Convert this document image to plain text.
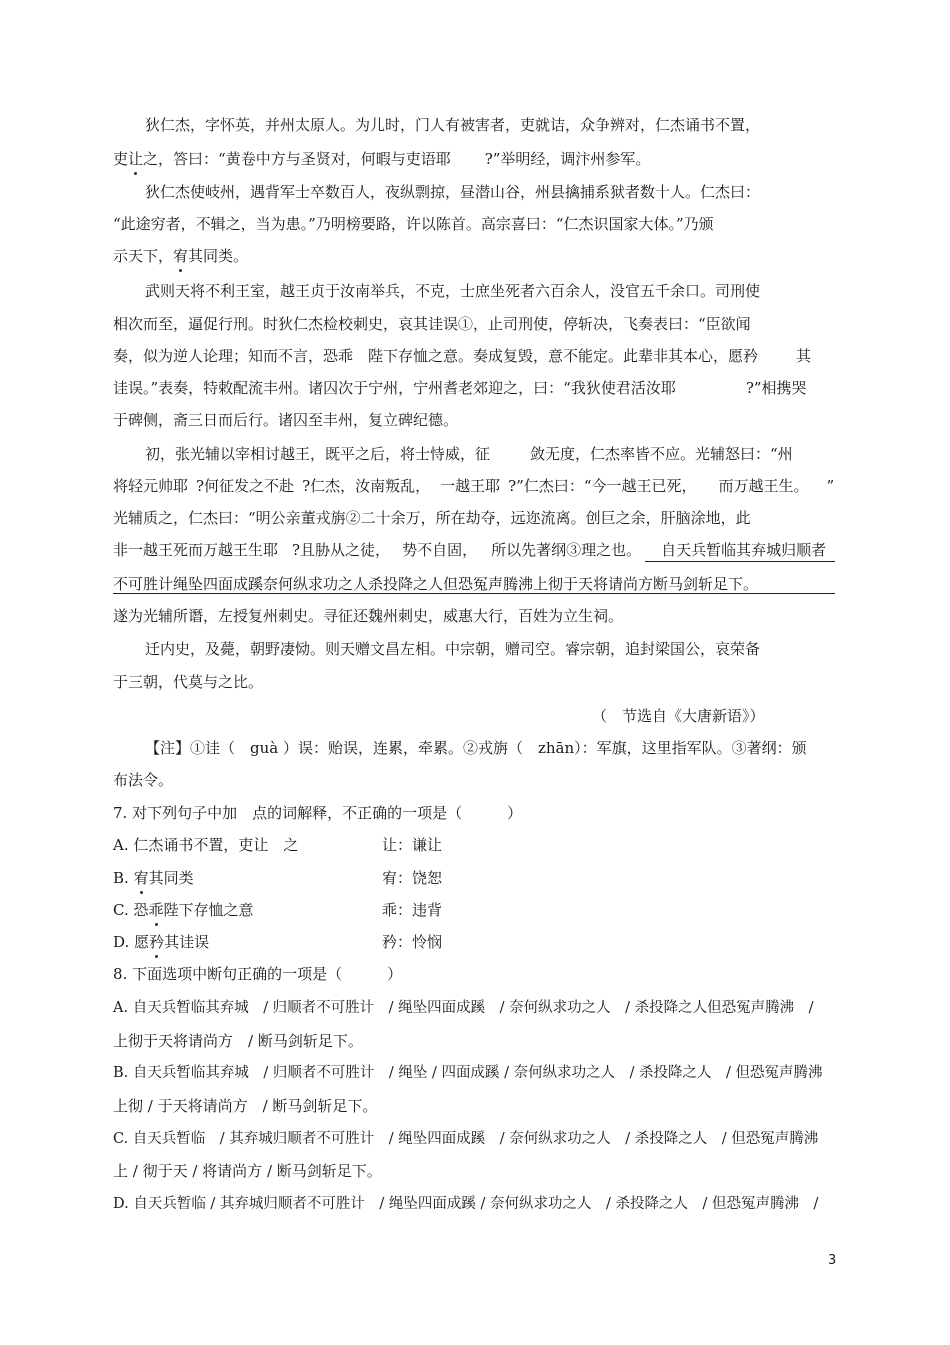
狄仁杰，字怀英，并州太原人。为儿时，门人有被害者，吏就诘，众争辨对，仁杰诵书不置，
吏让之，答曰：“黄卷中方与圣贤对，何暇与吏语耶 ?”举明经，调汴州参军。
狄仁杰使岐州，遇背军士卒数百人，夜纵剽掠，昼潜山谷，州县擒捕系狱者数十人。仁杰曰：
“此途穷者，不辑之，当为患。”乃明榜要路，许以陈首。高宗喜曰：“仁杰识国家大体。”乃颁
示天下，宥其同类。
武则天将不利王室，越王贞于汝南举兵，不克，士庶坐死者六百余人，没官五千余口。司刑使
相次而至，逼促行刑。时狄仁杰检校刺史，哀其诖误①，止司刑使，停斩决，飞奏表曰：“臣欲闻
奏，似为逆人论理；知而不言，恐乖 陛下存恤之意。奏成复毁，意不能定。此辈非其本心，愿矜	其
诖误。”表奏，特敕配流丰州。诸囚次于宁州，宁州耆老郊迎之，曰：“我狄使君活汝耶	?”相携哭
于碑侧，斋三日而后行。诸囚至丰州，复立碑纪德。
初，张光辅以宰相讨越王，既平之后，将士恃威，征	敛无度，仁杰率皆不应。光辅怒曰：“州
将轻元帅耶 ?何征发之不赴 ?仁杰，汝南叛乱， 一越王耶 ?”仁杰曰：“今一越王已死， 而万越王生。 ”
光辅质之，仁杰曰：“明公亲董戎旃②二十余万，所在劫夺，远迩流离。创巨之余，肝脑涂地，此
非一越王死而万越王生耶 ?且胁从之徒， 势不自固， 所以先著纲③理之也。 自天兵暂临其弃城归顺者
不可胜计绳坠四面成蹊奈何纵求功之人杀投降之人但恐冤声腾沸上彻于天将请尚方断马剑斩足下。
遂为光辅所谮，左授复州刺史。寻征还魏州刺史，威惠大行，百姓为立生祠。
迁内史，及薨，朝野凄恸。则天赠文昌左相。中宗朝，赠司空。睿宗朝，追封梁国公，哀荣备
于三朝，代莫与之比。
（　节选自《大唐新语》）
【注】①诖（　guà ）误：贻误，连累，牵累。②戎旃（　zhān）：军旗，这里指军队。③著纲：颁
布法令。
7. 对下列句子中加　点的词解释，不正确的一项是（　　　）
A. 仁杰诵书不置，吏让　之	让：谦让
B. 宥其同类	宥：饶恕
C. 恐乖陛下存恤之意	乖：违背
D. 愿矜其诖误	矜：怜悯
8. 下面选项中断句正确的一项是（　　　）
A. 自天兵暂临其弃城　/ 归顺者不可胜计　/ 绳坠四面成蹊　/ 奈何纵求功之人　/ 杀投降之人但恐冤声腾沸　/
上彻于天将请尚方　/ 断马剑斩足下。
B. 自天兵暂临其弃城　/ 归顺者不可胜计　/ 绳坠 / 四面成蹊 / 奈何纵求功之人　/ 杀投降之人　/ 但恐冤声腾沸
上彻 / 于天将请尚方　/ 断马剑斩足下。
C. 自天兵暂临　/ 其弃城归顺者不可胜计　/ 绳坠四面成蹊　/ 奈何纵求功之人　/ 杀投降之人　/ 但恐冤声腾沸
上 / 彻于天 / 将请尚方 / 断马剑斩足下。
D. 自天兵暂临 / 其弃城归顺者不可胜计　/ 绳坠四面成蹊 / 奈何纵求功之人　/ 杀投降之人　/ 但恐冤声腾沸　/
3
